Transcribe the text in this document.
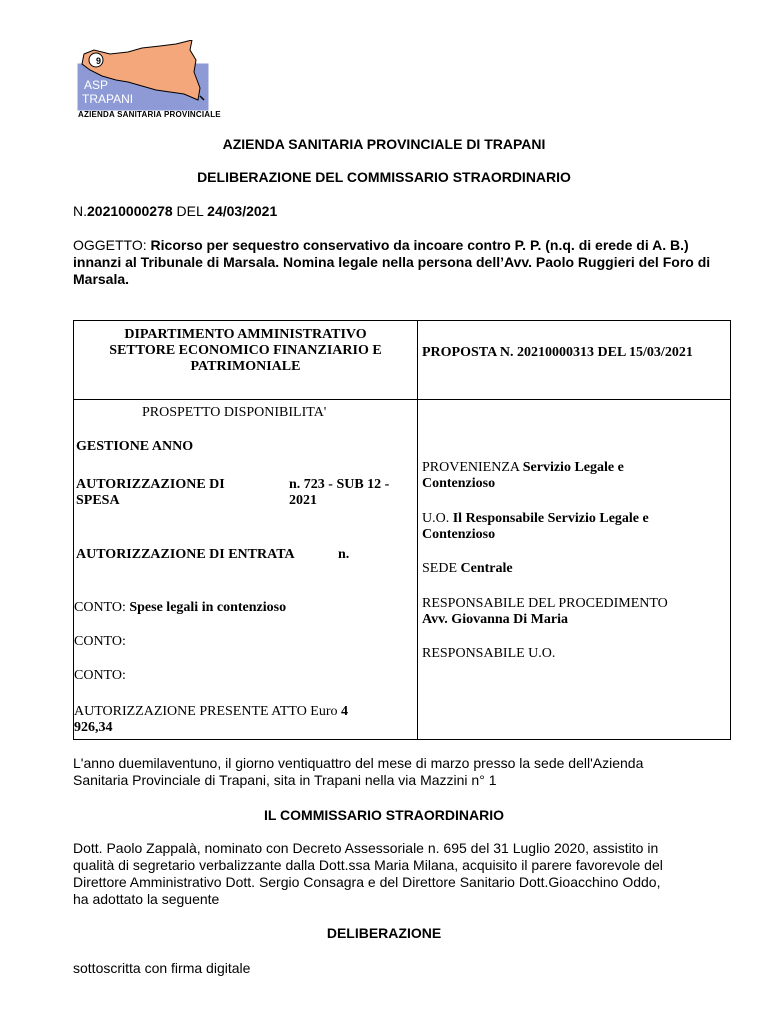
9
ASP
TRAPANI
AZIENDA SANITARIA PROVINCIALE
AZIENDA SANITARIA PROVINCIALE DI TRAPANI
DELIBERAZIONE DEL COMMISSARIO STRAORDINARIO
N.20210000278 DEL 24/03/2021
OGGETTO: Ricorso per sequestro conservativo da incoare contro P. P. (n.q. di erede di A. B.) innanzi al Tribunale di Marsala. Nomina legale nella persona dell’Avv. Paolo Ruggieri del Foro di Marsala.
DIPARTIMENTO AMMINISTRATIVO
SETTORE ECONOMICO FINANZIARIO E
PATRIMONIALE
PROPOSTA N. 20210000313 DEL 15/03/2021
PROSPETTO DISPONIBILITA'
GESTIONE ANNO
AUTORIZZAZIONE DI
SPESA
n. 723 - SUB 12 -
2021
AUTORIZZAZIONE DI ENTRATA	n.
CONTO: Spese legali in contenzioso
CONTO:
CONTO:
AUTORIZZAZIONE PRESENTE ATTO Euro 4
926,34
PROVENIENZA Servizio Legale e
Contenzioso
U.O. Il Responsabile Servizio Legale e
Contenzioso
SEDE Centrale
RESPONSABILE DEL PROCEDIMENTO
Avv. Giovanna Di Maria
RESPONSABILE U.O.
L'anno duemilaventuno, il giorno ventiquattro del mese di marzo presso la sede dell'Azienda
Sanitaria Provinciale di Trapani, sita in Trapani nella via Mazzini n° 1
IL COMMISSARIO STRAORDINARIO
Dott. Paolo Zappalà, nominato con Decreto Assessoriale n. 695 del 31 Luglio 2020, assistito in
qualità di segretario verbalizzante dalla Dott.ssa Maria Milana, acquisito il parere favorevole del
Direttore Amministrativo Dott. Sergio Consagra e del Direttore Sanitario Dott.Gioacchino Oddo,
ha adottato la seguente
DELIBERAZIONE
sottoscritta con firma digitale
